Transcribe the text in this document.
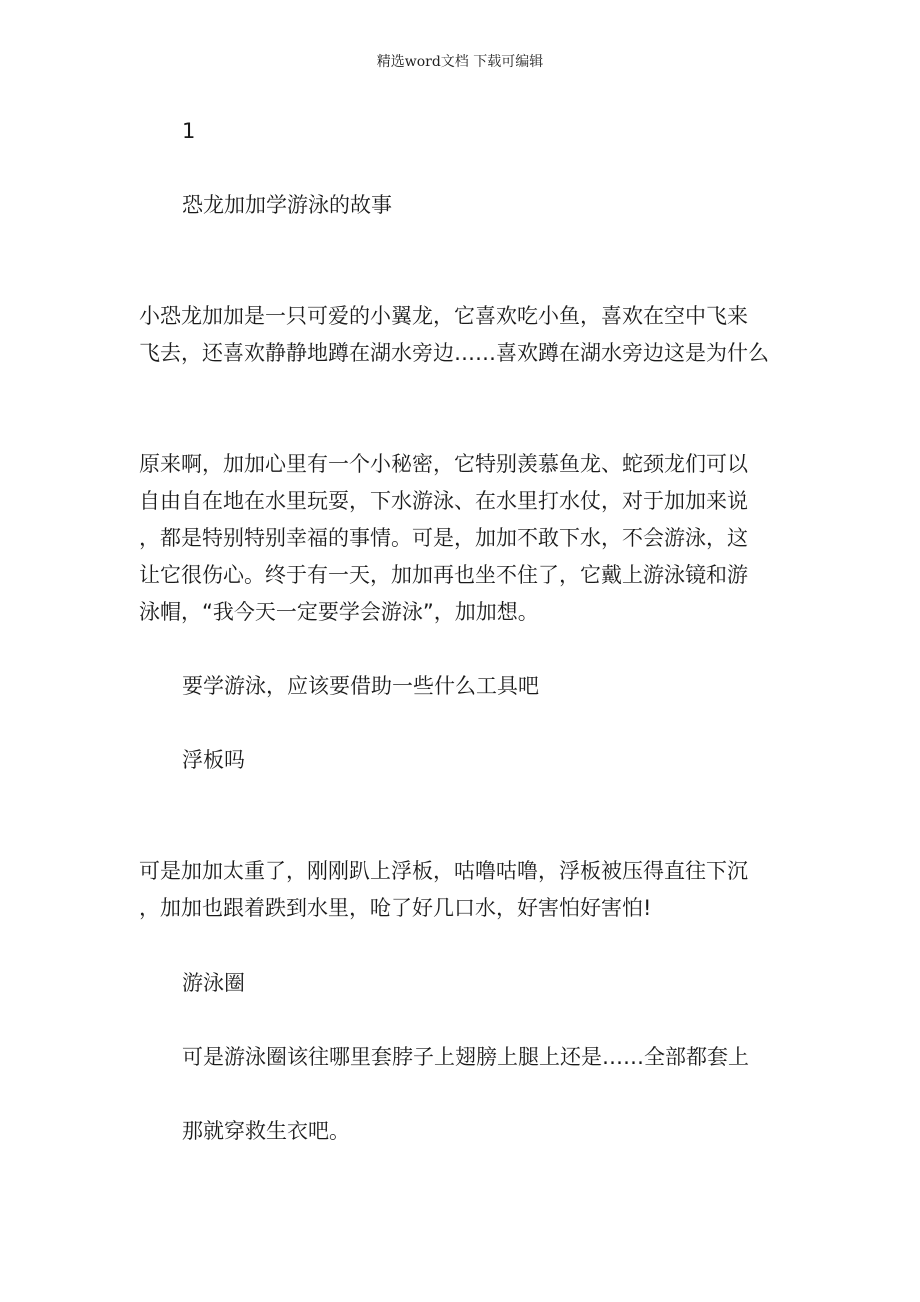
精选word文档 下载可编辑
1
恐龙加加学游泳的故事
小恐龙加加是一只可爱的小翼龙，它喜欢吃小鱼，喜欢在空中飞来
飞去，还喜欢静静地蹲在湖水旁边……喜欢蹲在湖水旁边这是为什么
原来啊，加加心里有一个小秘密，它特别羡慕鱼龙、蛇颈龙们可以
自由自在地在水里玩耍，下水游泳、在水里打水仗，对于加加来说
，都是特别特别幸福的事情。可是，加加不敢下水，不会游泳，这
让它很伤心。终于有一天，加加再也坐不住了，它戴上游泳镜和游
泳帽，“我今天一定要学会游泳”，加加想。
要学游泳，应该要借助一些什么工具吧
浮板吗
可是加加太重了，刚刚趴上浮板，咕噜咕噜，浮板被压得直往下沉
，加加也跟着跌到水里，呛了好几口水，好害怕好害怕!
游泳圈
可是游泳圈该往哪里套脖子上翅膀上腿上还是……全部都套上
那就穿救生衣吧。
